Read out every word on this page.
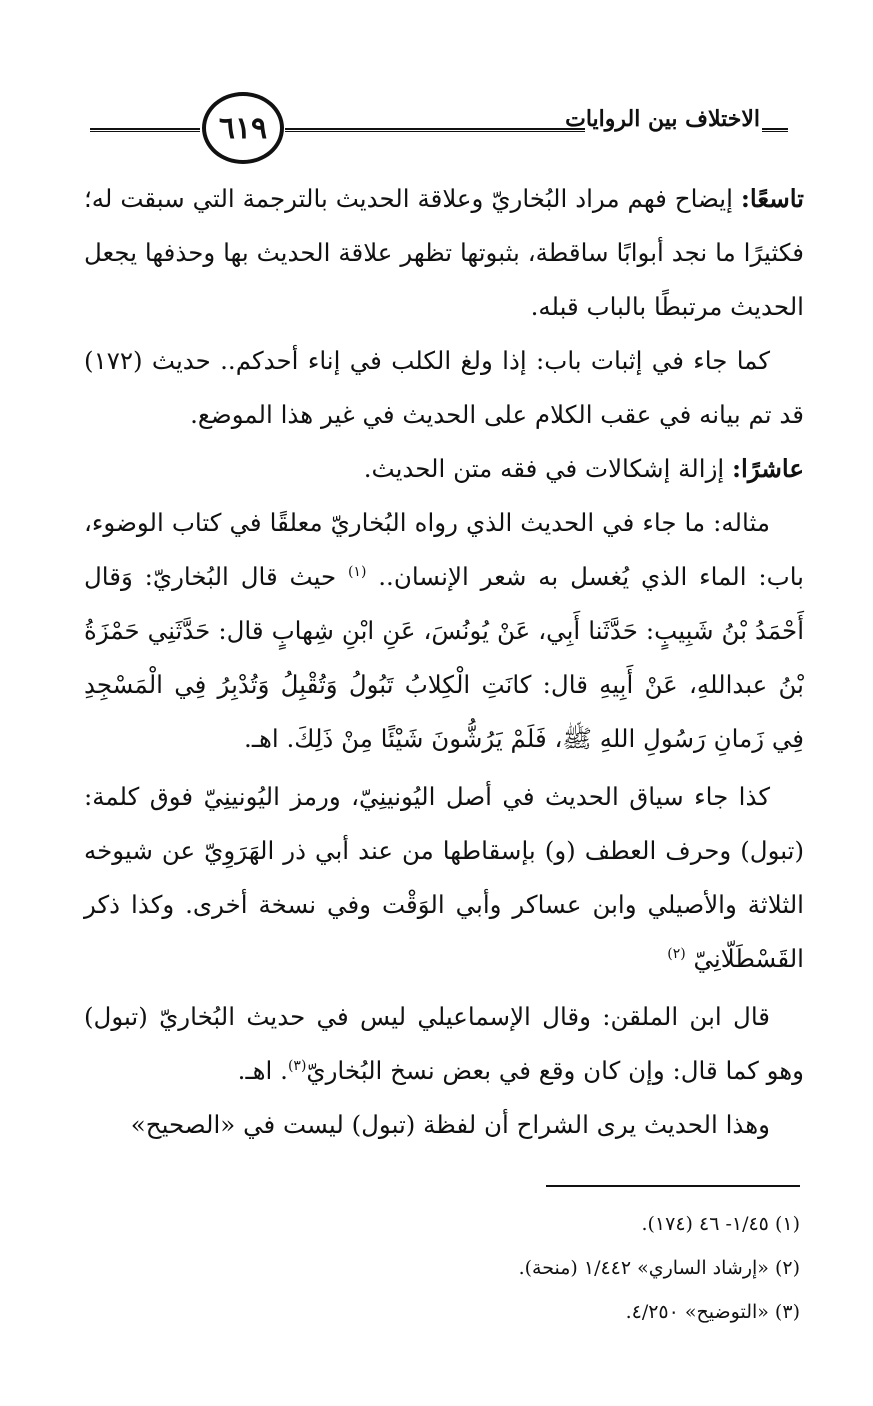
٦١٩	الاختلاف بين الروايات

تاسعًا: إيضاح فهم مراد البُخاريّ وعلاقة الحديث بالترجمة التي سبقت له؛ فكثيرًا ما نجد أبوابًا ساقطة، بثبوتها تظهر علاقة الحديث بها وحذفها يجعل الحديث مرتبطًا بالباب قبله.

كما جاء في إثبات باب: إذا ولغ الكلب في إناء أحدكم.. حديث (١٧٢) قد تم بيانه في عقب الكلام على الحديث في غير هذا الموضع.

عاشرًا: إزالة إشكالات في فقه متن الحديث.

مثاله: ما جاء في الحديث الذي رواه البُخاريّ معلقًا في كتاب الوضوء، باب: الماء الذي يُغسل به شعر الإنسان.. $^{(١)}$ حيث قال البُخاريّ: وَقال أَحْمَدُ بْنُ شَبِيبٍ: حَدَّثَنا أَبِي، عَنْ يُونُسَ، عَنِ ابْنِ شِهابٍ قال: حَدَّثَنِي حَمْزَةُ بْنُ عبداللهِ، عَنْ أَبِيهِ قال: كانَتِ الْكِلابُ تَبُولُ وَتُقْبِلُ وَتُدْبِرُ فِي الْمَسْجِدِ فِي زَمانِ رَسُولِ اللهِ ﷺ، فَلَمْ يَرُشُّونَ شَيْئًا مِنْ ذَلِكَ. اهـ.

كذا جاء سياق الحديث في أصل اليُونينِيّ، ورمز اليُونينِيّ فوق كلمة: (تبول) وحرف العطف (و) بإسقاطها من عند أبي ذر الهَرَوِيّ عن شيوخه الثلاثة والأصيلي وابن عساكر وأبي الوَقْت وفي نسخة أخرى. وكذا ذكر القَسْطَلّانِيّ $^{(٢)}$

قال ابن الملقن: وقال الإسماعيلي ليس في حديث البُخاريّ (تبول) وهو كما قال: وإن كان وقع في بعض نسخ البُخاريّ$^{(٣)}$. اهـ.

وهذا الحديث يرى الشراح أن لفظة (تبول) ليست في «الصحيح»

(١) ١/٤٥- ٤٦ (١٧٤).

(٢) «إرشاد الساري» ١/٤٤٢ (منحة).

(٣) «التوضيح» ٤/٢٥٠.
